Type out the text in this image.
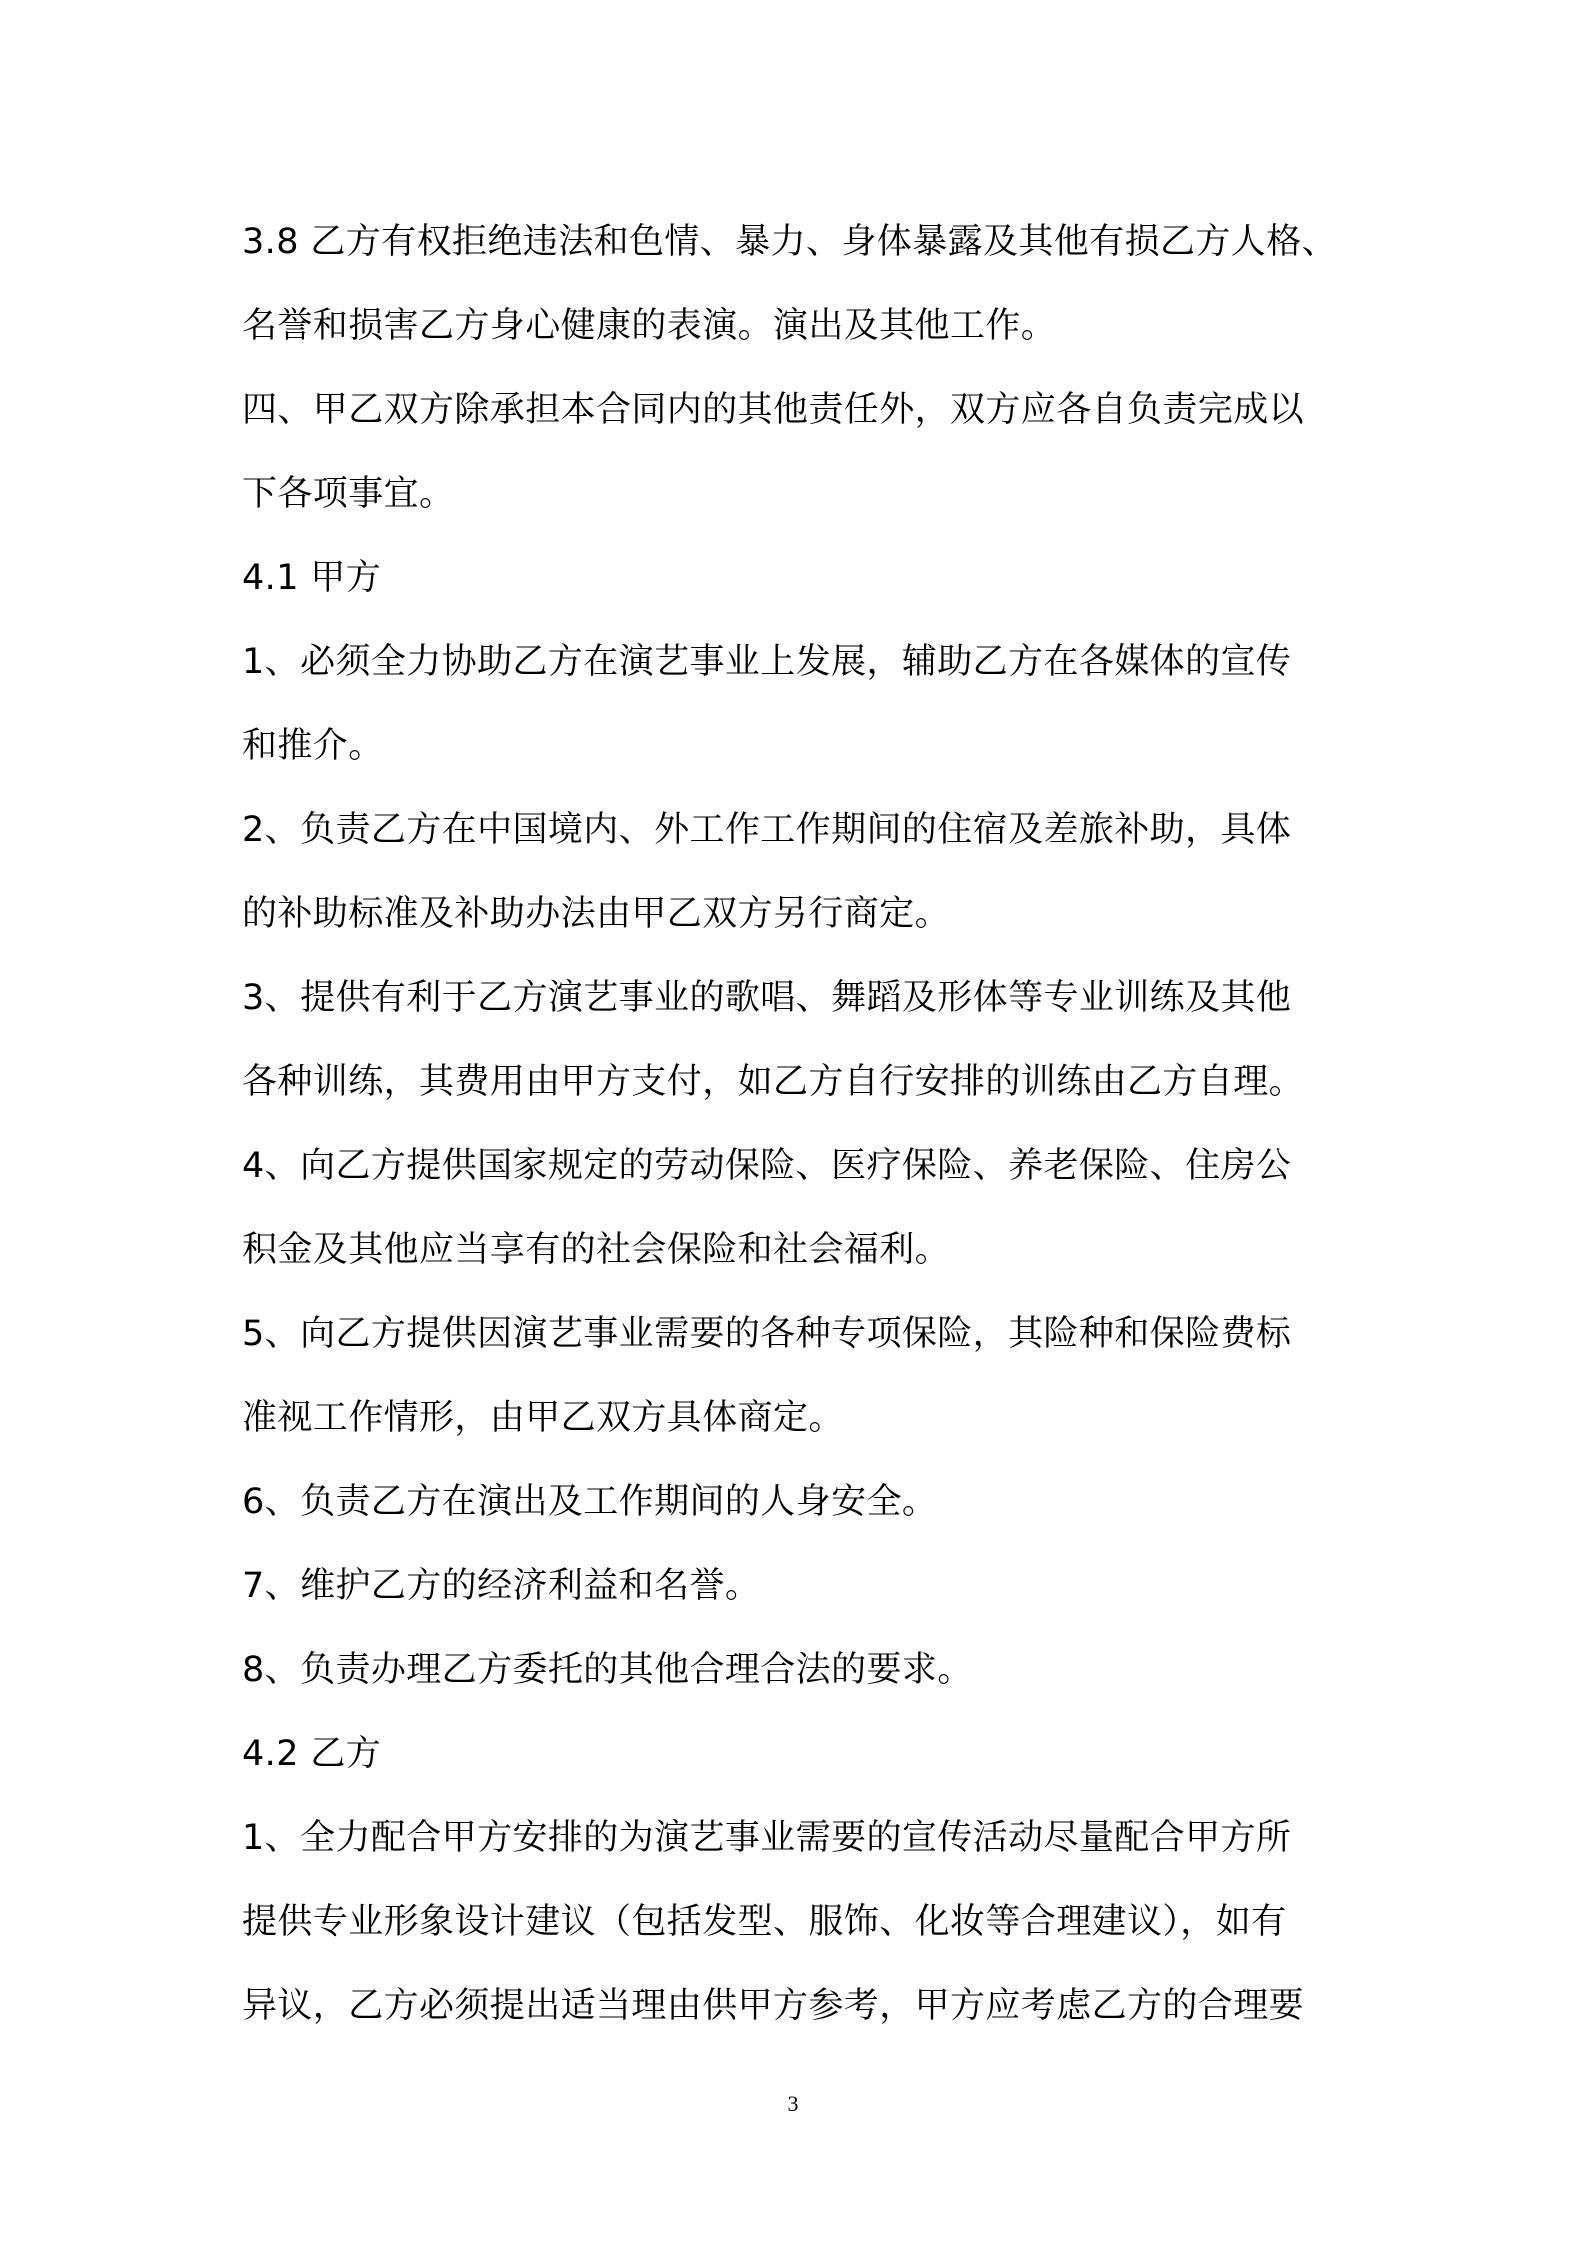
3.8 乙方有权拒绝违法和色情、暴力、身体暴露及其他有损乙方人格、
名誉和损害乙方身心健康的表演。演出及其他工作。
四、甲乙双方除承担本合同内的其他责任外，双方应各自负责完成以
下各项事宜。
4.1 甲方
1、必须全力协助乙方在演艺事业上发展，辅助乙方在各媒体的宣传
和推介。
2、负责乙方在中国境内、外工作工作期间的住宿及差旅补助，具体
的补助标准及补助办法由甲乙双方另行商定。
3、提供有利于乙方演艺事业的歌唱、舞蹈及形体等专业训练及其他
各种训练，其费用由甲方支付，如乙方自行安排的训练由乙方自理。
4、向乙方提供国家规定的劳动保险、医疗保险、养老保险、住房公
积金及其他应当享有的社会保险和社会福利。
5、向乙方提供因演艺事业需要的各种专项保险，其险种和保险费标
准视工作情形，由甲乙双方具体商定。
6、负责乙方在演出及工作期间的人身安全。
7、维护乙方的经济利益和名誉。
8、负责办理乙方委托的其他合理合法的要求。
4.2 乙方
1、全力配合甲方安排的为演艺事业需要的宣传活动尽量配合甲方所
提供专业形象设计建议（包括发型、服饰、化妆等合理建议），如有
异议，乙方必须提出适当理由供甲方参考，甲方应考虑乙方的合理要
3
